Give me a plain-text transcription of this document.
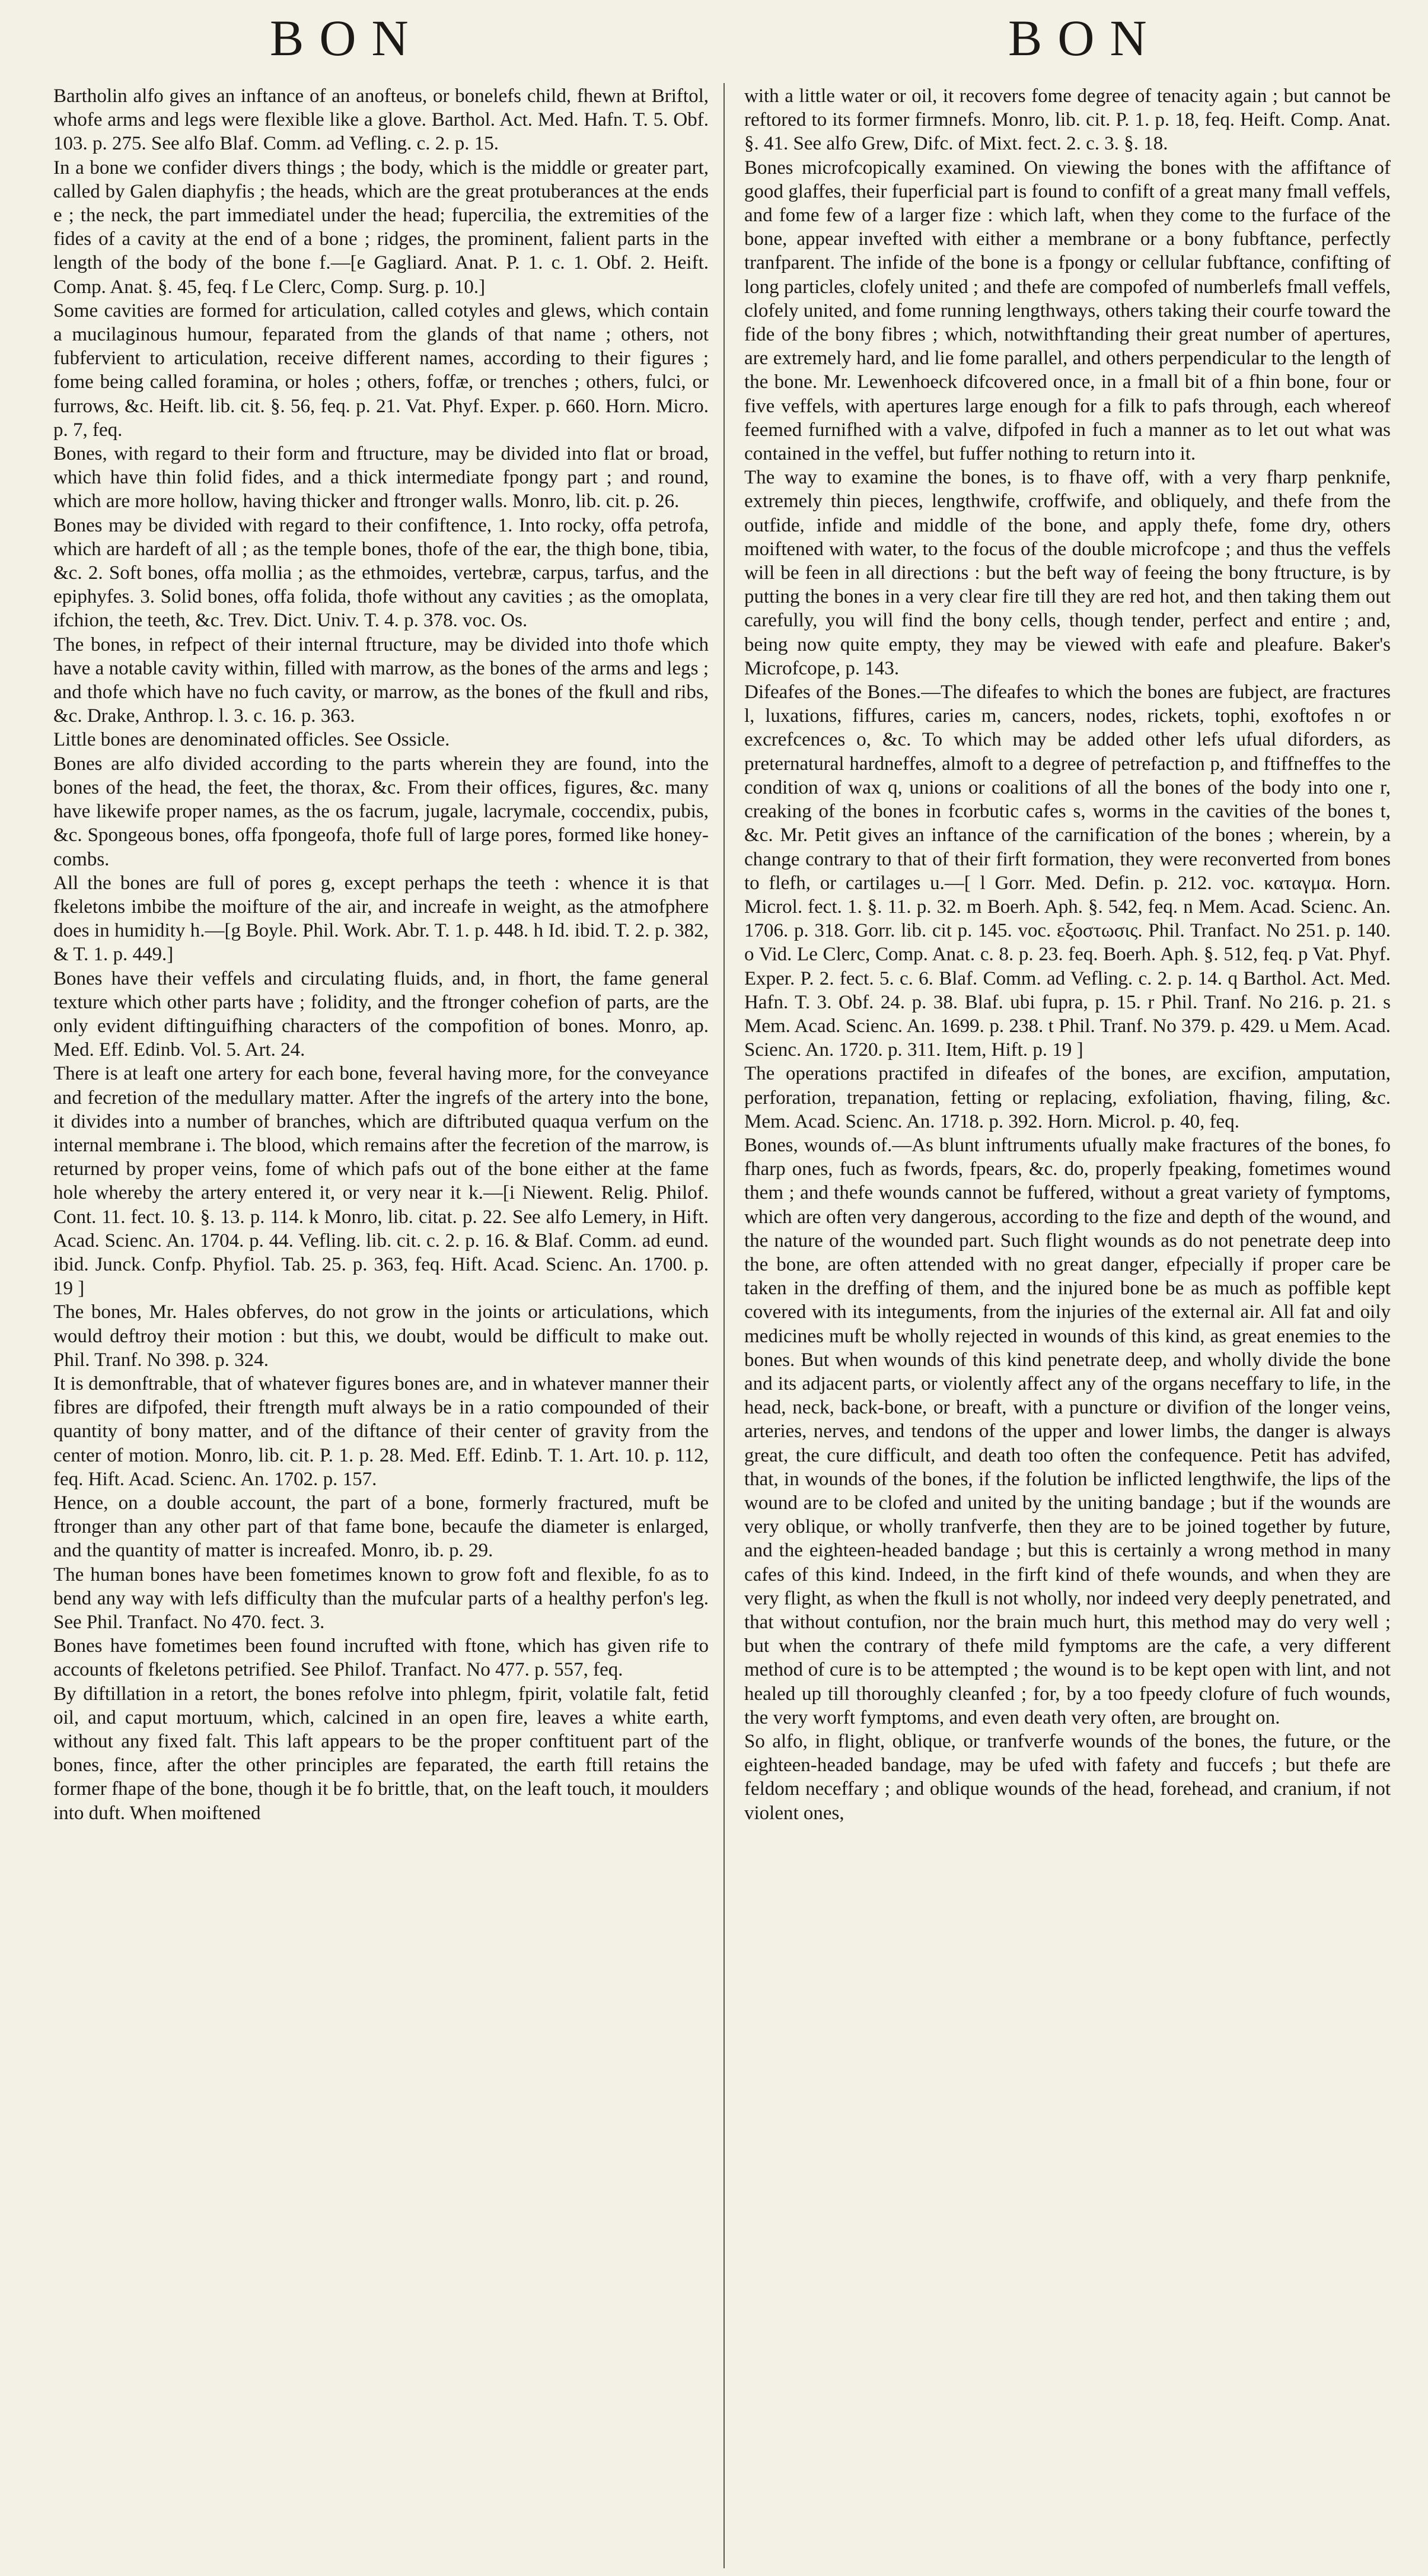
BON	BON

Bartholin alfo gives an inftance of an anofteus, or bonelefs child, fhewn at Briftol, whofe arms and legs were flexible like a glove. Barthol. Act. Med. Hafn. T. 5. Obf. 103. p. 275. See alfo Blaf. Comm. ad Vefling. c. 2. p. 15.

In a bone we confider divers things ; the body, which is the middle or greater part, called by Galen diaphyfis ; the heads, which are the great protuberances at the ends e ; the neck, the part immediatel under the head; fupercilia, the extremities of the fides of a cavity at the end of a bone ; ridges, the prominent, falient parts in the length of the body of the bone f.—[e Gagliard. Anat. P. 1. c. 1. Obf. 2. Heift. Comp. Anat. §. 45, feq. f Le Clerc, Comp. Surg. p. 10.]

Some cavities are formed for articulation, called cotyles and glews, which contain a mucilaginous humour, feparated from the glands of that name ; others, not fubfervient to articulation, receive different names, according to their figures ; fome being called foramina, or holes ; others, foffæ, or trenches ; others, fulci, or furrows, &c. Heift. lib. cit. §. 56, feq. p. 21. Vat. Phyf. Exper. p. 660. Horn. Micro. p. 7, feq.

Bones, with regard to their form and ftructure, may be divided into flat or broad, which have thin folid fides, and a thick intermediate fpongy part ; and round, which are more hollow, having thicker and ftronger walls. Monro, lib. cit. p. 26.

Bones may be divided with regard to their confiftence, 1. Into rocky, offa petrofa, which are hardeft of all ; as the temple bones, thofe of the ear, the thigh bone, tibia, &c. 2. Soft bones, offa mollia ; as the ethmoides, vertebræ, carpus, tarfus, and the epiphyfes. 3. Solid bones, offa folida, thofe without any cavities ; as the omoplata, ifchion, the teeth, &c. Trev. Dict. Univ. T. 4. p. 378. voc. Os.

The bones, in refpect of their internal ftructure, may be divided into thofe which have a notable cavity within, filled with marrow, as the bones of the arms and legs ; and thofe which have no fuch cavity, or marrow, as the bones of the fkull and ribs, &c. Drake, Anthrop. l. 3. c. 16. p. 363.

Little bones are denominated officles. See Ossicle.

Bones are alfo divided according to the parts wherein they are found, into the bones of the head, the feet, the thorax, &c. From their offices, figures, &c. many have likewife proper names, as the os facrum, jugale, lacrymale, coccendix, pubis, &c. Spongeous bones, offa fpongeofa, thofe full of large pores, formed like honey-combs.

All the bones are full of pores g, except perhaps the teeth : whence it is that fkeletons imbibe the moifture of the air, and increafe in weight, as the atmofphere does in humidity h.—[g Boyle. Phil. Work. Abr. T. 1. p. 448. h Id. ibid. T. 2. p. 382, & T. 1. p. 449.]

Bones have their veffels and circulating fluids, and, in fhort, the fame general texture which other parts have ; folidity, and the ftronger cohefion of parts, are the only evident diftinguifhing characters of the compofition of bones. Monro, ap. Med. Eff. Edinb. Vol. 5. Art. 24.

There is at leaft one artery for each bone, feveral having more, for the conveyance and fecretion of the medullary matter. After the ingrefs of the artery into the bone, it divides into a number of branches, which are diftributed quaqua verfum on the internal membrane i. The blood, which remains after the fecretion of the marrow, is returned by proper veins, fome of which pafs out of the bone either at the fame hole whereby the artery entered it, or very near it k.—[i Niewent. Relig. Philof. Cont. 11. fect. 10. §. 13. p. 114. k Monro, lib. citat. p. 22. See alfo Lemery, in Hift. Acad. Scienc. An. 1704. p. 44. Vefling. lib. cit. c. 2. p. 16. & Blaf. Comm. ad eund. ibid. Junck. Confp. Phyfiol. Tab. 25. p. 363, feq. Hift. Acad. Scienc. An. 1700. p. 19 ]

The bones, Mr. Hales obferves, do not grow in the joints or articulations, which would deftroy their motion : but this, we doubt, would be difficult to make out. Phil. Tranf. No 398. p. 324.

It is demonftrable, that of whatever figures bones are, and in whatever manner their fibres are difpofed, their ftrength muft always be in a ratio compounded of their quantity of bony matter, and of the diftance of their center of gravity from the center of motion. Monro, lib. cit. P. 1. p. 28. Med. Eff. Edinb. T. 1. Art. 10. p. 112, feq. Hift. Acad. Scienc. An. 1702. p. 157.

Hence, on a double account, the part of a bone, formerly fractured, muft be ftronger than any other part of that fame bone, becaufe the diameter is enlarged, and the quantity of matter is increafed. Monro, ib. p. 29.

The human bones have been fometimes known to grow foft and flexible, fo as to bend any way with lefs difficulty than the mufcular parts of a healthy perfon's leg. See Phil. Tranfact. No 470. fect. 3.

Bones have fometimes been found incrufted with ftone, which has given rife to accounts of fkeletons petrified. See Philof. Tranfact. No 477. p. 557, feq.

By diftillation in a retort, the bones refolve into phlegm, fpirit, volatile falt, fetid oil, and caput mortuum, which, calcined in an open fire, leaves a white earth, without any fixed falt. This laft appears to be the proper conftituent part of the bones, fince, after the other principles are feparated, the earth ftill retains the former fhape of the bone, though it be fo brittle, that, on the leaft touch, it moulders into duft. When moiftened

with a little water or oil, it recovers fome degree of tenacity again ; but cannot be reftored to its former firmnefs. Monro, lib. cit. P. 1. p. 18, feq. Heift. Comp. Anat. §. 41. See alfo Grew, Difc. of Mixt. fect. 2. c. 3. §. 18.

Bones microfcopically examined. On viewing the bones with the affiftance of good glaffes, their fuperficial part is found to confift of a great many fmall veffels, and fome few of a larger fize : which laft, when they come to the furface of the bone, appear invefted with either a membrane or a bony fubftance, perfectly tranfparent. The infide of the bone is a fpongy or cellular fubftance, confifting of long particles, clofely united ; and thefe are compofed of numberlefs fmall veffels, clofely united, and fome running lengthways, others taking their courfe toward the fide of the bony fibres ; which, notwithftanding their great number of apertures, are extremely hard, and lie fome parallel, and others perpendicular to the length of the bone. Mr. Lewenhoeck difcovered once, in a fmall bit of a fhin bone, four or five veffels, with apertures large enough for a filk to pafs through, each whereof feemed furnifhed with a valve, difpofed in fuch a manner as to let out what was contained in the veffel, but fuffer nothing to return into it.

The way to examine the bones, is to fhave off, with a very fharp penknife, extremely thin pieces, lengthwife, croffwife, and obliquely, and thefe from the outfide, infide and middle of the bone, and apply thefe, fome dry, others moiftened with water, to the focus of the double microfcope ; and thus the veffels will be feen in all directions : but the beft way of feeing the bony ftructure, is by putting the bones in a very clear fire till they are red hot, and then taking them out carefully, you will find the bony cells, though tender, perfect and entire ; and, being now quite empty, they may be viewed with eafe and pleafure. Baker's Microfcope, p. 143.

Difeafes of the Bones.—The difeafes to which the bones are fubject, are fractures l, luxations, fiffures, caries m, cancers, nodes, rickets, tophi, exoftofes n or excrefcences o, &c. To which may be added other lefs ufual diforders, as preternatural hardneffes, almoft to a degree of petrefaction p, and ftiffneffes to the condition of wax q, unions or coalitions of all the bones of the body into one r, creaking of the bones in fcorbutic cafes s, worms in the cavities of the bones t, &c. Mr. Petit gives an inftance of the carnification of the bones ; wherein, by a change contrary to that of their firft formation, they were reconverted from bones to flefh, or cartilages u.—[ l Gorr. Med. Defin. p. 212. voc. καταγμα. Horn. Microl. fect. 1. §. 11. p. 32. m Boerh. Aph. §. 542, feq. n Mem. Acad. Scienc. An. 1706. p. 318. Gorr. lib. cit p. 145. voc. εξοστωσις. Phil. Tranfact. No 251. p. 140. o Vid. Le Clerc, Comp. Anat. c. 8. p. 23. feq. Boerh. Aph. §. 512, feq. p Vat. Phyf. Exper. P. 2. fect. 5. c. 6. Blaf. Comm. ad Vefling. c. 2. p. 14. q Barthol. Act. Med. Hafn. T. 3. Obf. 24. p. 38. Blaf. ubi fupra, p. 15. r Phil. Tranf. No 216. p. 21. s Mem. Acad. Scienc. An. 1699. p. 238. t Phil. Tranf. No 379. p. 429. u Mem. Acad. Scienc. An. 1720. p. 311. Item, Hift. p. 19 ]

The operations practifed in difeafes of the bones, are excifion, amputation, perforation, trepanation, fetting or replacing, exfoliation, fhaving, filing, &c. Mem. Acad. Scienc. An. 1718. p. 392. Horn. Microl. p. 40, feq.

Bones, wounds of.—As blunt inftruments ufually make fractures of the bones, fo fharp ones, fuch as fwords, fpears, &c. do, properly fpeaking, fometimes wound them ; and thefe wounds cannot be fuffered, without a great variety of fymptoms, which are often very dangerous, according to the fize and depth of the wound, and the nature of the wounded part. Such flight wounds as do not penetrate deep into the bone, are often attended with no great danger, efpecially if proper care be taken in the dreffing of them, and the injured bone be as much as poffible kept covered with its integuments, from the injuries of the external air. All fat and oily medicines muft be wholly rejected in wounds of this kind, as great enemies to the bones. But when wounds of this kind penetrate deep, and wholly divide the bone and its adjacent parts, or violently affect any of the organs neceffary to life, in the head, neck, back-bone, or breaft, with a puncture or divifion of the longer veins, arteries, nerves, and tendons of the upper and lower limbs, the danger is always great, the cure difficult, and death too often the confequence. Petit has advifed, that, in wounds of the bones, if the folution be inflicted lengthwife, the lips of the wound are to be clofed and united by the uniting bandage ; but if the wounds are very oblique, or wholly tranfverfe, then they are to be joined together by future, and the eighteen-headed bandage ; but this is certainly a wrong method in many cafes of this kind. Indeed, in the firft kind of thefe wounds, and when they are very flight, as when the fkull is not wholly, nor indeed very deeply penetrated, and that without contufion, nor the brain much hurt, this method may do very well ; but when the contrary of thefe mild fymptoms are the cafe, a very different method of cure is to be attempted ; the wound is to be kept open with lint, and not healed up till thoroughly cleanfed ; for, by a too fpeedy clofure of fuch wounds, the very worft fymptoms, and even death very often, are brought on.

So alfo, in flight, oblique, or tranfverfe wounds of the bones, the future, or the eighteen-headed bandage, may be ufed with fafety and fuccefs ; but thefe are feldom neceffary ; and oblique wounds of the head, forehead, and cranium, if not violent ones,
